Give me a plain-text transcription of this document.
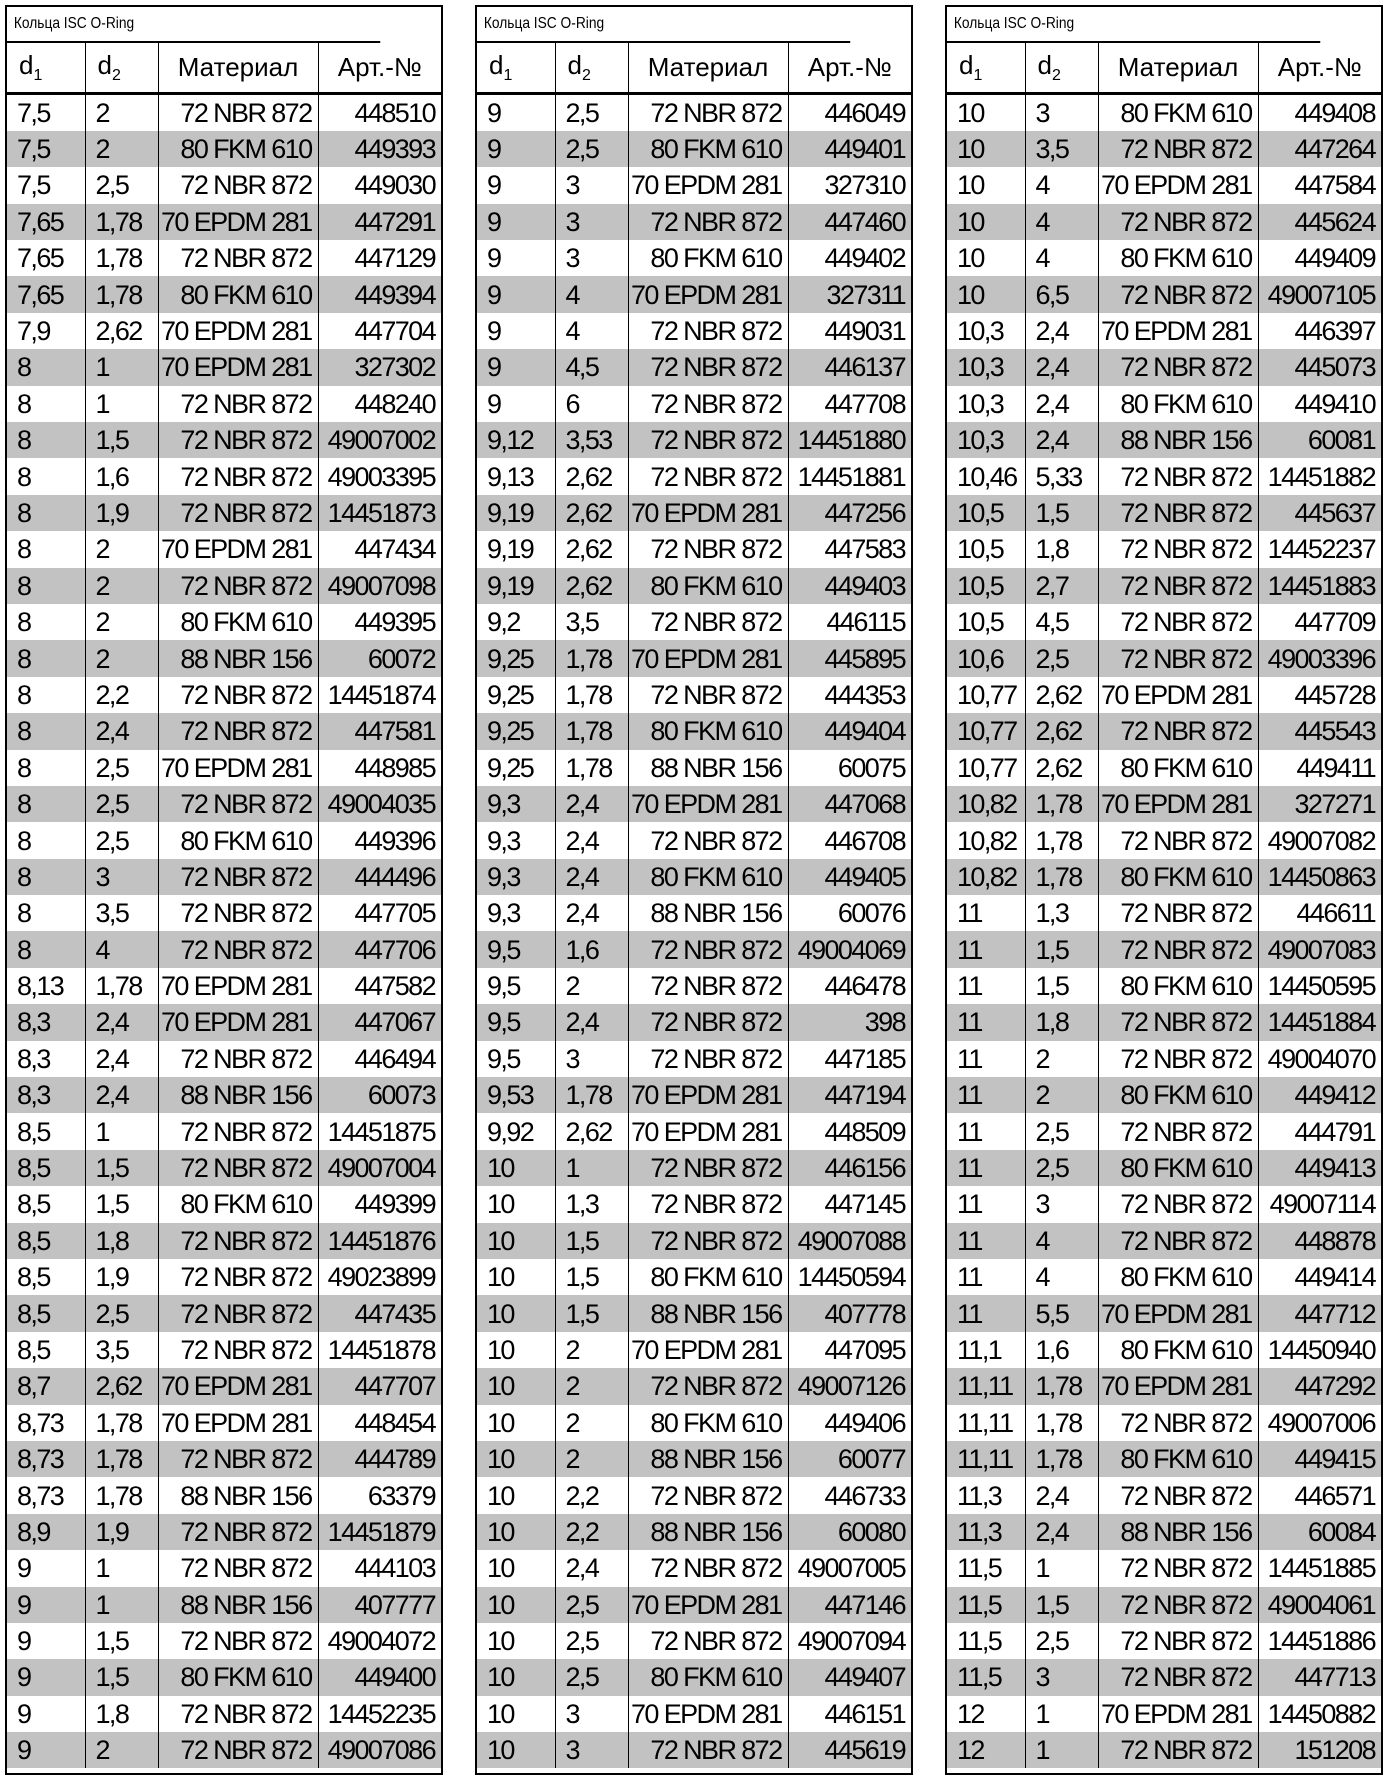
Кольца ISC O-Ring
$d_1$	$d_2$	Материал	Арт.-№
7,5	2	72 NBR 872	448510
7,5	2	80 FKM 610	449393
7,5	2,5	72 NBR 872	449030
7,65	1,78	70 EPDM 281	447291
7,65	1,78	72 NBR 872	447129
7,65	1,78	80 FKM 610	449394
7,9	2,62	70 EPDM 281	447704
8	1	70 EPDM 281	327302
8	1	72 NBR 872	448240
8	1,5	72 NBR 872	49007002
8	1,6	72 NBR 872	49003395
8	1,9	72 NBR 872	14451873
8	2	70 EPDM 281	447434
8	2	72 NBR 872	49007098
8	2	80 FKM 610	449395
8	2	88 NBR 156	60072
8	2,2	72 NBR 872	14451874
8	2,4	72 NBR 872	447581
8	2,5	70 EPDM 281	448985
8	2,5	72 NBR 872	49004035
8	2,5	80 FKM 610	449396
8	3	72 NBR 872	444496
8	3,5	72 NBR 872	447705
8	4	72 NBR 872	447706
8,13	1,78	70 EPDM 281	447582
8,3	2,4	70 EPDM 281	447067
8,3	2,4	72 NBR 872	446494
8,3	2,4	88 NBR 156	60073
8,5	1	72 NBR 872	14451875
8,5	1,5	72 NBR 872	49007004
8,5	1,5	80 FKM 610	449399
8,5	1,8	72 NBR 872	14451876
8,5	1,9	72 NBR 872	49023899
8,5	2,5	72 NBR 872	447435
8,5	3,5	72 NBR 872	14451878
8,7	2,62	70 EPDM 281	447707
8,73	1,78	70 EPDM 281	448454
8,73	1,78	72 NBR 872	444789
8,73	1,78	88 NBR 156	63379
8,9	1,9	72 NBR 872	14451879
9	1	72 NBR 872	444103
9	1	88 NBR 156	407777
9	1,5	72 NBR 872	49004072
9	1,5	80 FKM 610	449400
9	1,8	72 NBR 872	14452235
9	2	72 NBR 872	49007086
Кольца ISC O-Ring
$d_1$	$d_2$	Материал	Арт.-№
9	2,5	72 NBR 872	446049
9	2,5	80 FKM 610	449401
9	3	70 EPDM 281	327310
9	3	72 NBR 872	447460
9	3	80 FKM 610	449402
9	4	70 EPDM 281	327311
9	4	72 NBR 872	449031
9	4,5	72 NBR 872	446137
9	6	72 NBR 872	447708
9,12	3,53	72 NBR 872	14451880
9,13	2,62	72 NBR 872	14451881
9,19	2,62	70 EPDM 281	447256
9,19	2,62	72 NBR 872	447583
9,19	2,62	80 FKM 610	449403
9,2	3,5	72 NBR 872	446115
9,25	1,78	70 EPDM 281	445895
9,25	1,78	72 NBR 872	444353
9,25	1,78	80 FKM 610	449404
9,25	1,78	88 NBR 156	60075
9,3	2,4	70 EPDM 281	447068
9,3	2,4	72 NBR 872	446708
9,3	2,4	80 FKM 610	449405
9,3	2,4	88 NBR 156	60076
9,5	1,6	72 NBR 872	49004069
9,5	2	72 NBR 872	446478
9,5	2,4	72 NBR 872	398
9,5	3	72 NBR 872	447185
9,53	1,78	70 EPDM 281	447194
9,92	2,62	70 EPDM 281	448509
10	1	72 NBR 872	446156
10	1,3	72 NBR 872	447145
10	1,5	72 NBR 872	49007088
10	1,5	80 FKM 610	14450594
10	1,5	88 NBR 156	407778
10	2	70 EPDM 281	447095
10	2	72 NBR 872	49007126
10	2	80 FKM 610	449406
10	2	88 NBR 156	60077
10	2,2	72 NBR 872	446733
10	2,2	88 NBR 156	60080
10	2,4	72 NBR 872	49007005
10	2,5	70 EPDM 281	447146
10	2,5	72 NBR 872	49007094
10	2,5	80 FKM 610	449407
10	3	70 EPDM 281	446151
10	3	72 NBR 872	445619
Кольца ISC O-Ring
$d_1$	$d_2$	Материал	Арт.-№
10	3	80 FKM 610	449408
10	3,5	72 NBR 872	447264
10	4	70 EPDM 281	447584
10	4	72 NBR 872	445624
10	4	80 FKM 610	449409
10	6,5	72 NBR 872	49007105
10,3	2,4	70 EPDM 281	446397
10,3	2,4	72 NBR 872	445073
10,3	2,4	80 FKM 610	449410
10,3	2,4	88 NBR 156	60081
10,46	5,33	72 NBR 872	14451882
10,5	1,5	72 NBR 872	445637
10,5	1,8	72 NBR 872	14452237
10,5	2,7	72 NBR 872	14451883
10,5	4,5	72 NBR 872	447709
10,6	2,5	72 NBR 872	49003396
10,77	2,62	70 EPDM 281	445728
10,77	2,62	72 NBR 872	445543
10,77	2,62	80 FKM 610	449411
10,82	1,78	70 EPDM 281	327271
10,82	1,78	72 NBR 872	49007082
10,82	1,78	80 FKM 610	14450863
11	1,3	72 NBR 872	446611
11	1,5	72 NBR 872	49007083
11	1,5	80 FKM 610	14450595
11	1,8	72 NBR 872	14451884
11	2	72 NBR 872	49004070
11	2	80 FKM 610	449412
11	2,5	72 NBR 872	444791
11	2,5	80 FKM 610	449413
11	3	72 NBR 872	49007114
11	4	72 NBR 872	448878
11	4	80 FKM 610	449414
11	5,5	70 EPDM 281	447712
11,1	1,6	80 FKM 610	14450940
11,11	1,78	70 EPDM 281	447292
11,11	1,78	72 NBR 872	49007006
11,11	1,78	80 FKM 610	449415
11,3	2,4	72 NBR 872	446571
11,3	2,4	88 NBR 156	60084
11,5	1	72 NBR 872	14451885
11,5	1,5	72 NBR 872	49004061
11,5	2,5	72 NBR 872	14451886
11,5	3	72 NBR 872	447713
12	1	70 EPDM 281	14450882
12	1	72 NBR 872	151208
